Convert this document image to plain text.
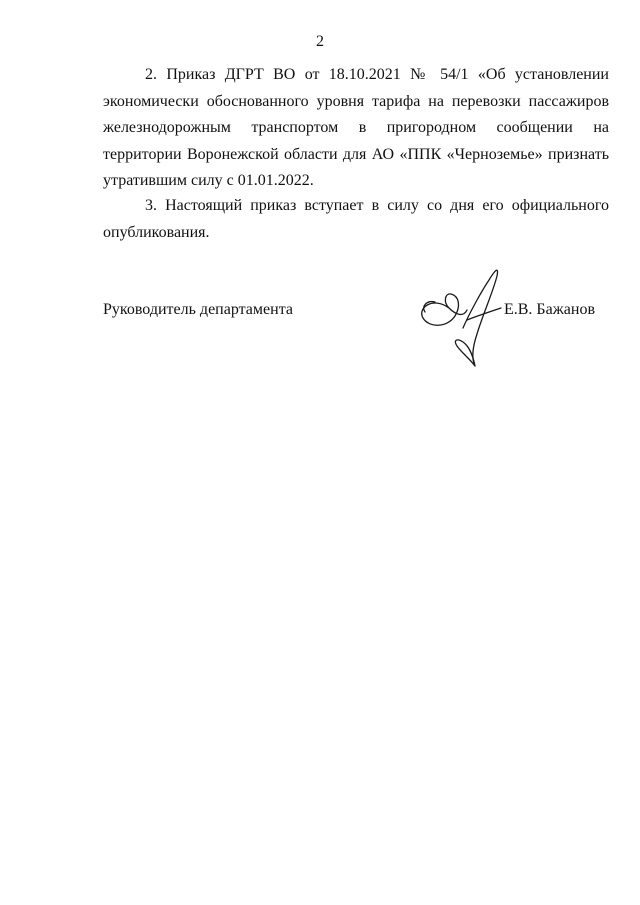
2

2. Приказ ДГРТ ВО от 18.10.2021 № 54/1 «Об установлении экономически обоснованного уровня тарифа на перевозки пассажиров железнодорожным транспортом в пригородном сообщении на территории Воронежской области для АО «ППК «Черноземье» признать утратившим силу с 01.01.2022.

3. Настоящий приказ вступает в силу со дня его официального опубликования.

Руководитель департамента	Е.В. Бажанов
